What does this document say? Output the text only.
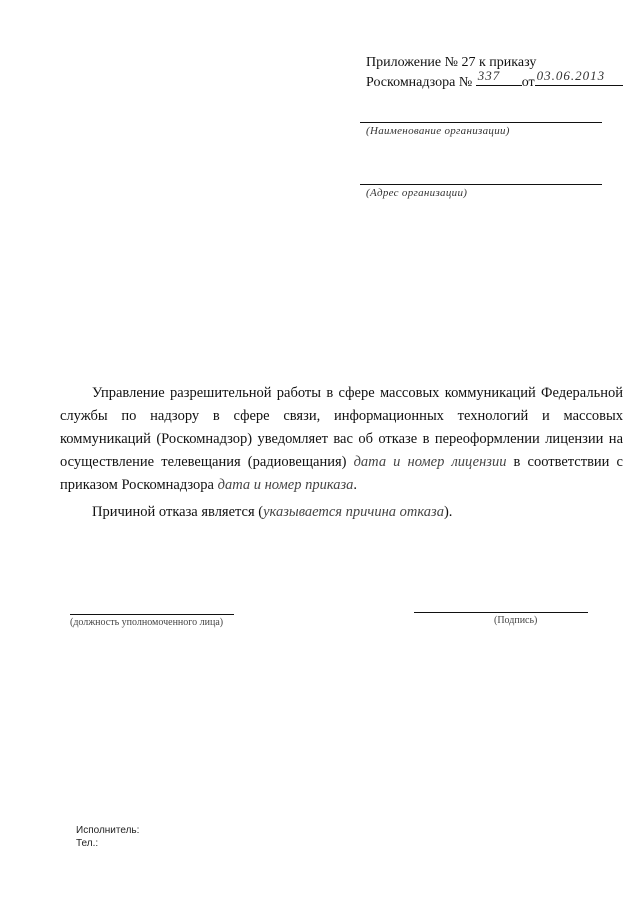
Приложение № 27 к приказу
Роскомнадзора № 337 от 03.06.2013
(Наименование организации)
(Адрес организации)

Управление разрешительной работы в сфере массовых коммуникаций Федеральной службы по надзору в сфере связи, информационных технологий и массовых коммуникаций (Роскомнадзор) уведомляет вас об отказе в переоформлении лицензии на осуществление телевещания (радиовещания) дата и номер лицензии в соответствии с приказом Роскомнадзора дата и номер приказа.

Причиной отказа является (указывается причина отказа).

(должность уполномоченного лица)	(Подпись)
Исполнитель:
Тел.:
